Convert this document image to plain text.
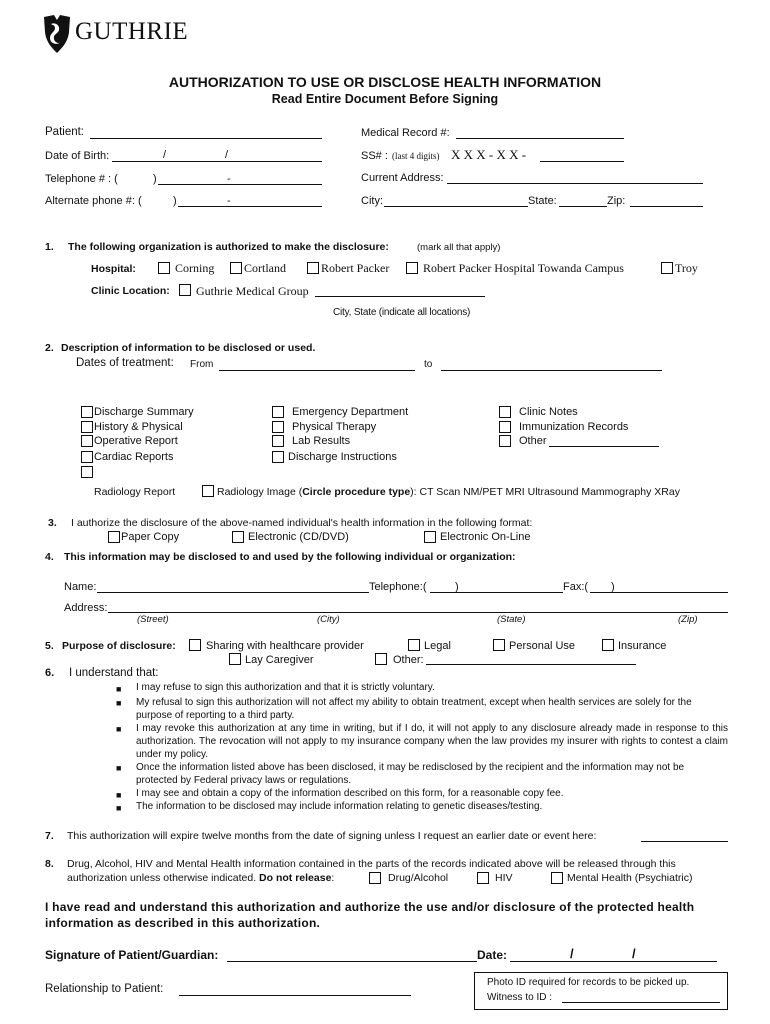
GUTHRIE
AUTHORIZATION TO USE OR DISCLOSE HEALTH INFORMATION
Read Entire Document Before Signing
Patient:
Date of Birth:	/	/
Telephone # : (	)	-
Alternate phone #: (	)	-
Medical Record #:
SS# : (last 4 digits) X X X - X X -
Current Address:
City:	State:	Zip:
1. The following organization is authorized to make the disclosure:	(mark all that apply)
Hospital:	Corning Cortland	Robert Packer	Robert Packer Hospital Towanda Campus	Troy
Clinic Location: Guthrie Medical Group
City, State (indicate all locations)
2. Description of information to be disclosed or used.
Dates of treatment: From	to
Discharge Summary
History & Physical
Operative Report
Cardiac Reports
Emergency Department
Physical Therapy
Lab Results
Discharge Instructions
Clinic Notes
Immunization Records
Other
Radiology Report	Radiology Image (Circle procedure type): CT Scan NM/PET MRI Ultrasound Mammography XRay
3. I authorize the disclosure of the above-named individual's health information in the following format:
Paper Copy	Electronic (CD/DVD)	Electronic On-Line
4. This information may be disclosed to and used by the following individual or organization:
Name:	Telephone:(	)	Fax:( )
Address:
(Street)	(City)	(State)	(Zip)
5. Purpose of disclosure:	Sharing with healthcare provider	Legal	Personal Use	Insurance
Lay Caregiver	Other:
6. I understand that:
■ I may refuse to sign this authorization and that it is strictly voluntary.
■ My refusal to sign this authorization will not affect my ability to obtain treatment, except when health services are solely for the purpose of reporting to a third party.
■ I may revoke this authorization at any time in writing, but if I do, it will not apply to any disclosure already made in response to this authorization. The revocation will not apply to my insurance company when the law provides my insurer with rights to contest a claim under my policy.
■ Once the information listed above has been disclosed, it may be redisclosed by the recipient and the information may not be protected by Federal privacy laws or regulations.
■ I may see and obtain a copy of the information described on this form, for a reasonable copy fee.
■ The information to be disclosed may include information relating to genetic diseases/testing.
7. This authorization will expire twelve months from the date of signing unless I request an earlier date or event here:
8. Drug, Alcohol, HIV and Mental Health information contained in the parts of the records indicated above will be released through this
authorization unless otherwise indicated. Do not release:	Drug/Alcohol	HIV	Mental Health (Psychiatric)
I have read and understand this authorization and authorize the use and/or disclosure of the protected health
information as described in this authorization.
Signature of Patient/Guardian:	Date:	/	/
Relationship to Patient:
Photo ID required for records to be picked up.
Witness to ID :
